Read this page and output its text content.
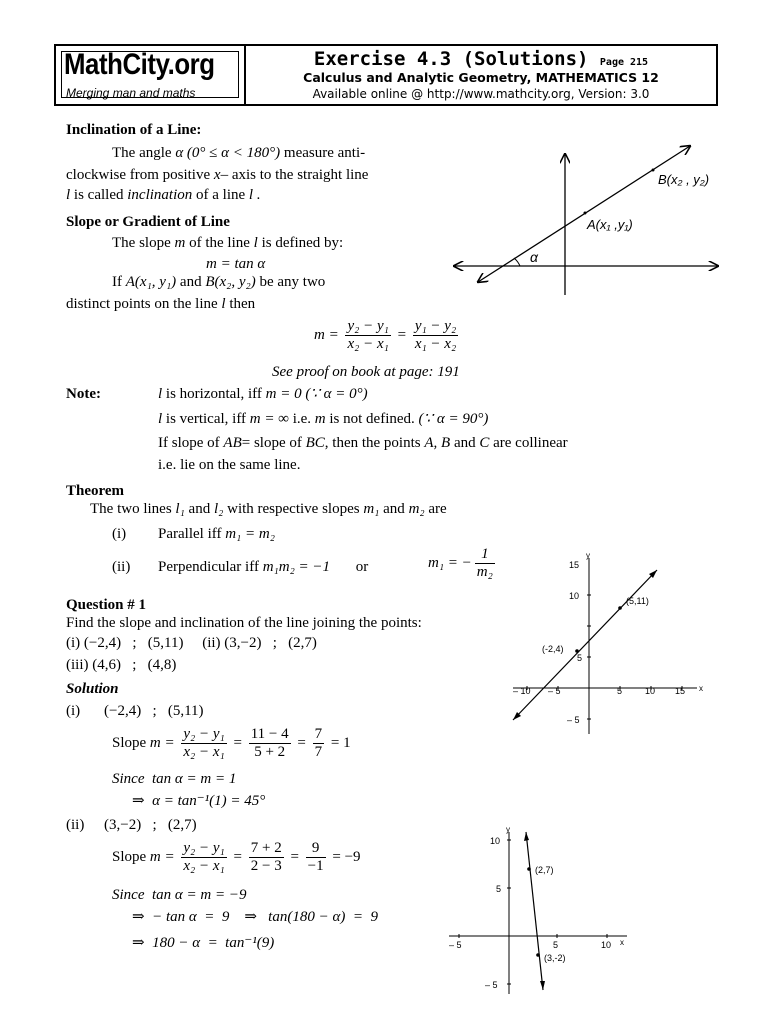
MathCity.org
Merging man and maths
Exercise 4.3 (Solutions) Page 215
Calculus and Analytic Geometry, MATHEMATICS 12
Available online @ http://www.mathcity.org, Version: 3.0
Inclination of a Line:
The angle α (0° ≤ α < 180°) measure anti-
clockwise from positive x– axis to the straight line
l is called inclination of a line l .
Slope or Gradient of Line
The slope m of the line l is defined by:
m = tan α
If A(x₁, y₁) and B(x₂, y₂) be any two
distinct points on the line l then
$m = \frac{\text{y₂ − y₁}}{\text{x₂ − x₁}} = \frac{\text{y₁ − y₂}}{\text{x₁ − x₂}}$
See proof on book at page: 191
Note:	l is horizontal, iff m = 0 (∵ α = 0°)
l is vertical, iff m = ∞ i.e. m is not defined. (∵ α = 90°)
If slope of AB= slope of BC, then the points A, B and C are collinear
i.e. lie on the same line.
Theorem
The two lines l₁ and l₂ with respective slopes m₁ and m₂ are
(i) Parallel iff m₁ = m₂
(ii) Perpendicular iff m₁m₂ = −1 or	m₁ = − $\frac{1}{\text{m₂}}$
Question # 1
Find the slope and inclination of the line joining the points:
(i) (−2,4)   ;   (5,11)     (ii) (3,−2)   ;   (2,7)
(iii) (4,6)   ;   (4,8)
Solution
(i) (−2,4)   ;   (5,11)
Slope $m = \frac{\text{y₂ − y₁}}{\text{x₂ − x₁}} = \frac{11 - 4}{5 + 2} = \frac{7}{7} = 1$
Since  tan α = m = 1
⇒  α = tan⁻¹(1) = 45°
(ii) (3,−2)   ;   (2,7)
Slope $m = \frac{\text{y₂ − y₁}}{\text{x₂ − x₁}} = \frac{7 + 2}{2 - 3} = \frac{9}{-1} = -9$
Since  tan α = m = −9
⇒  − tan α  =  9    ⇒   tan(180 − α)  =  9
⇒  180 − α  =  tan⁻¹(9)
α
A(x₁ ,y₁)
B(x₂ , y₂)
y
x
15
10
5
– 5
– 10 – 5	5	10 15
(5,11)
(-2,4)
y
x
10
5
– 5
– 5	5	10
(2,7)
(3,-2)
